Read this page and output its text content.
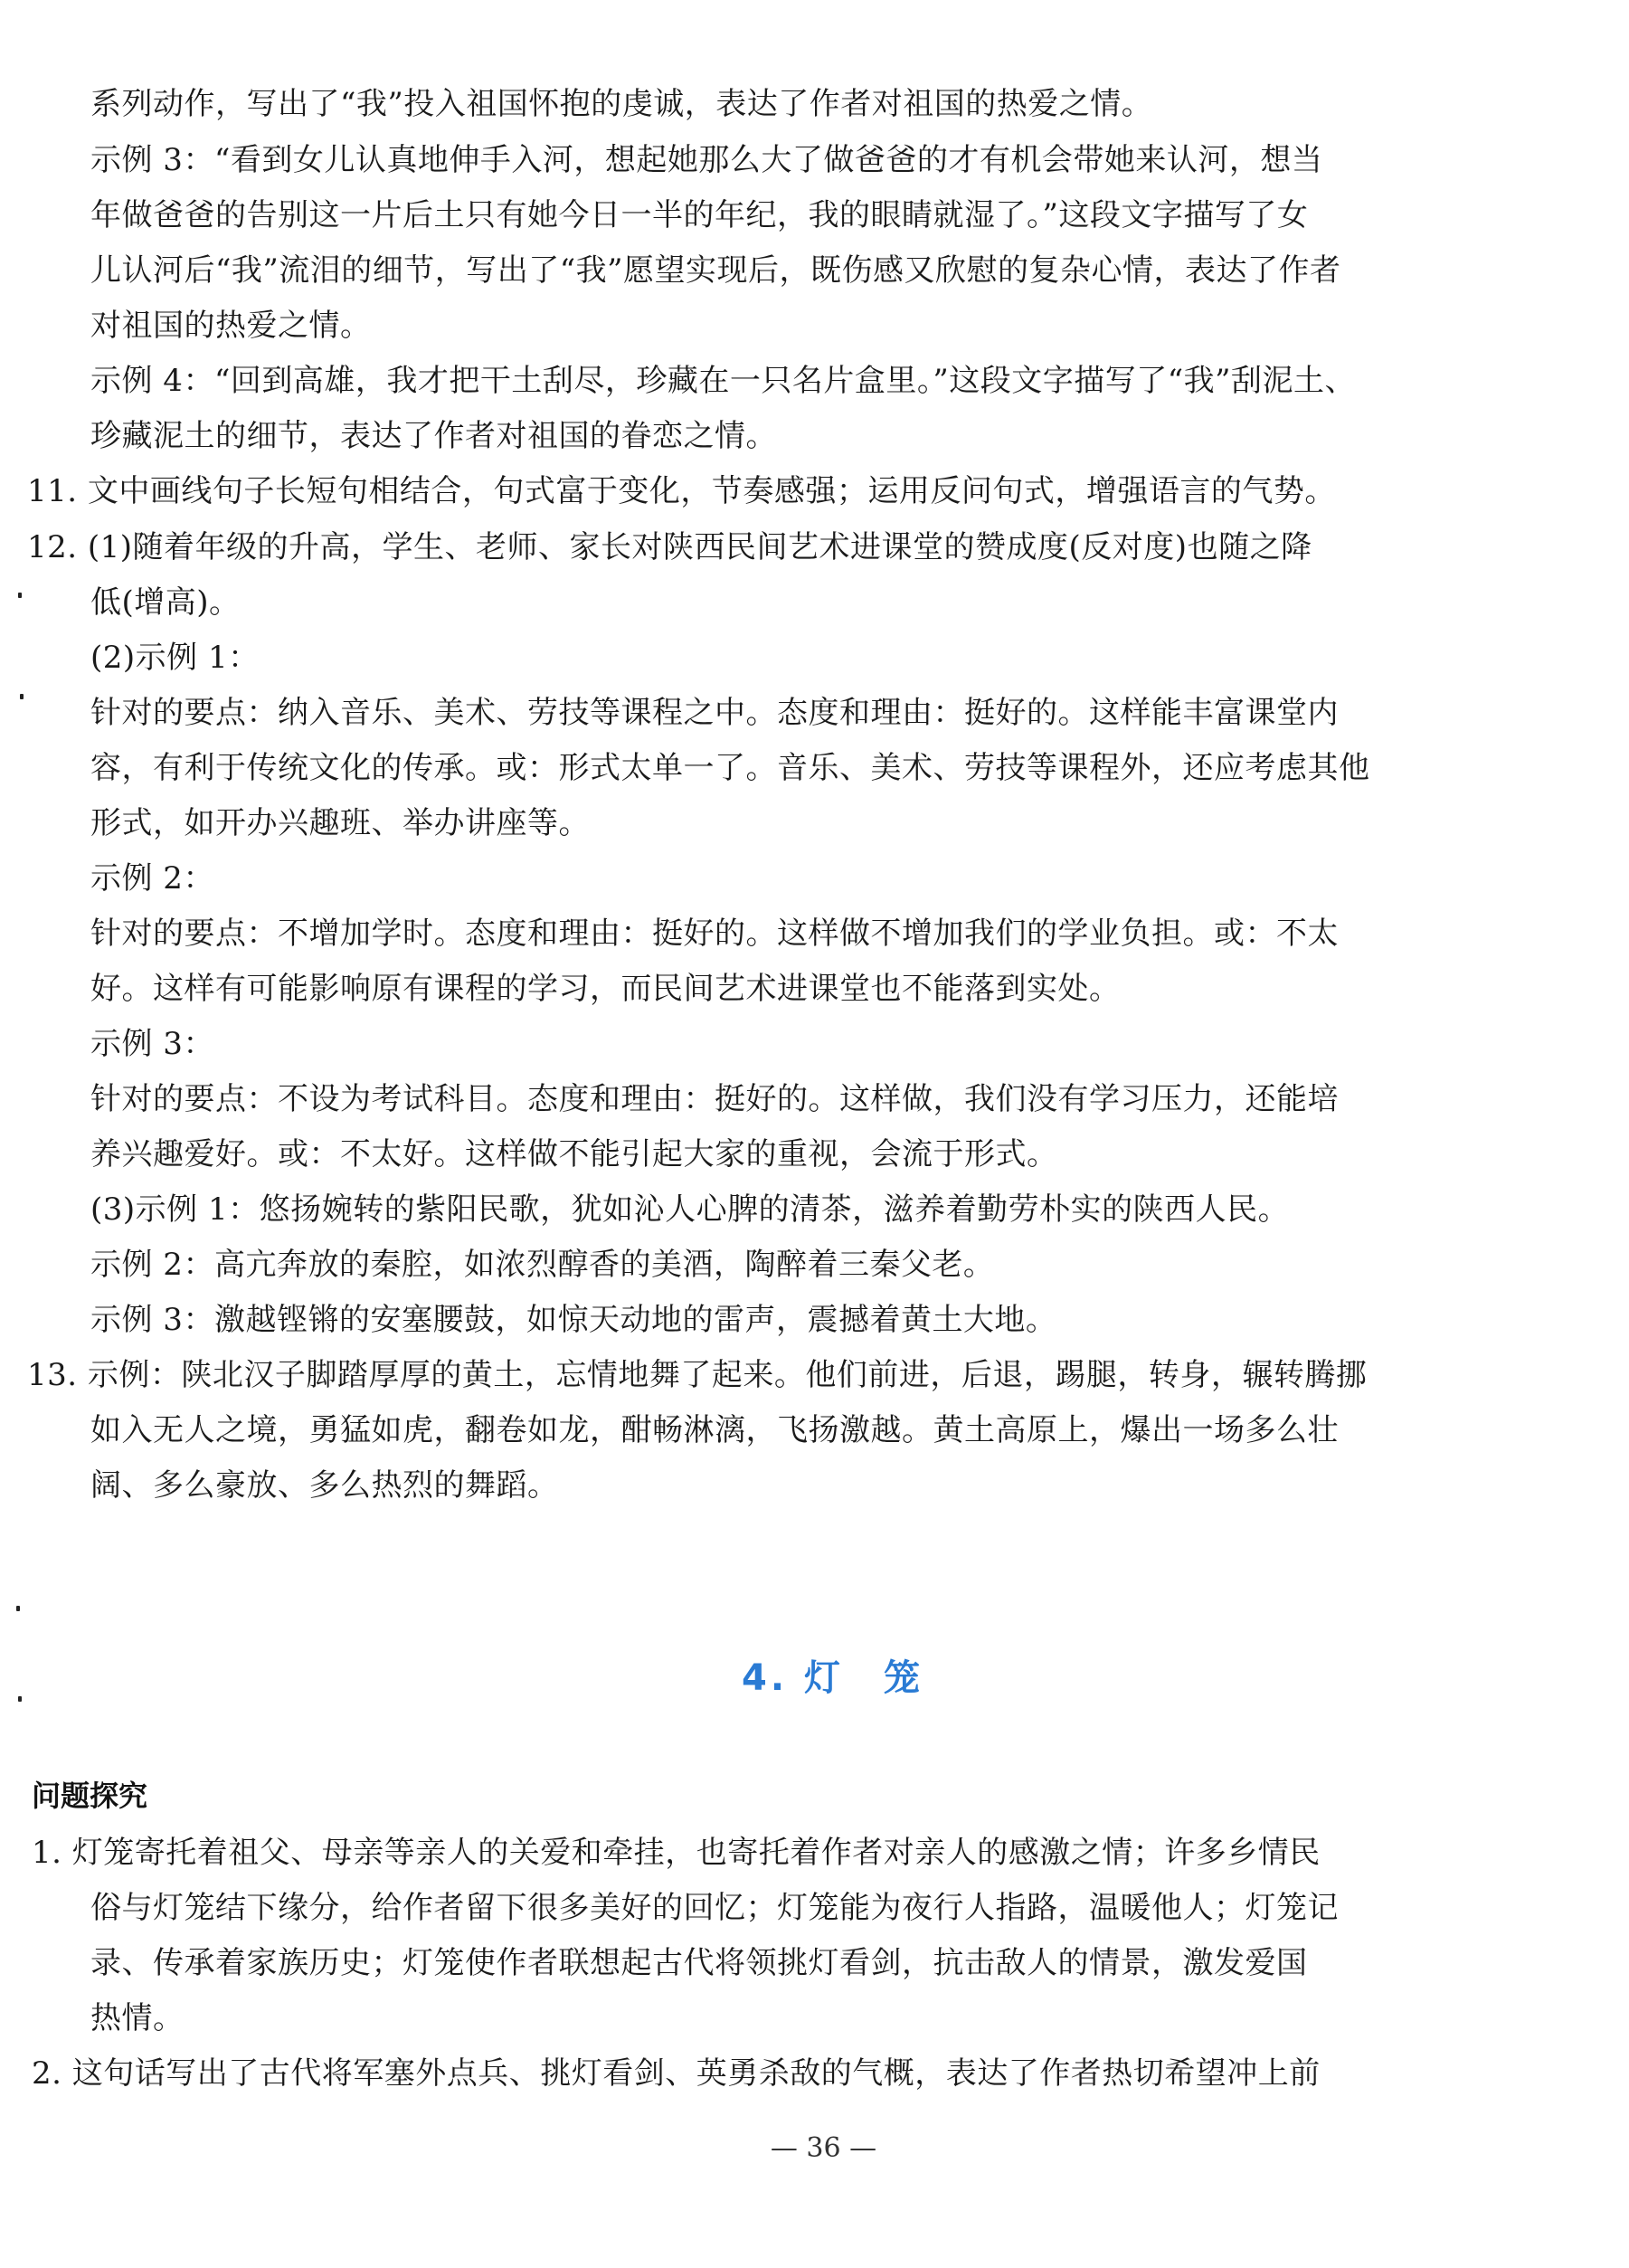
系列动作，写出了“我”投入祖国怀抱的虔诚，表达了作者对祖国的热爱之情。
示例 3：“看到女儿认真地伸手入河，想起她那么大了做爸爸的才有机会带她来认河，想当
年做爸爸的告别这一片后土只有她今日一半的年纪，我的眼睛就湿了。”这段文字描写了女
儿认河后“我”流泪的细节，写出了“我”愿望实现后，既伤感又欣慰的复杂心情，表达了作者
对祖国的热爱之情。
示例 4：“回到高雄，我才把干土刮尽，珍藏在一只名片盒里。”这段文字描写了“我”刮泥土、
珍藏泥土的细节，表达了作者对祖国的眷恋之情。
11. 文中画线句子长短句相结合，句式富于变化，节奏感强；运用反问句式，增强语言的气势。
12. (1)随着年级的升高，学生、老师、家长对陕西民间艺术进课堂的赞成度(反对度)也随之降
低(增高)。
(2)示例 1：
针对的要点：纳入音乐、美术、劳技等课程之中。态度和理由：挺好的。这样能丰富课堂内
容，有利于传统文化的传承。或：形式太单一了。音乐、美术、劳技等课程外，还应考虑其他
形式，如开办兴趣班、举办讲座等。
示例 2：
针对的要点：不增加学时。态度和理由：挺好的。这样做不增加我们的学业负担。或：不太
好。这样有可能影响原有课程的学习，而民间艺术进课堂也不能落到实处。
示例 3：
针对的要点：不设为考试科目。态度和理由：挺好的。这样做，我们没有学习压力，还能培
养兴趣爱好。或：不太好。这样做不能引起大家的重视，会流于形式。
(3)示例 1：悠扬婉转的紫阳民歌，犹如沁人心脾的清茶，滋养着勤劳朴实的陕西人民。
示例 2：高亢奔放的秦腔，如浓烈醇香的美酒，陶醉着三秦父老。
示例 3：激越铿锵的安塞腰鼓，如惊天动地的雷声，震撼着黄土大地。
13. 示例：陕北汉子脚踏厚厚的黄土，忘情地舞了起来。他们前进，后退，踢腿，转身，辗转腾挪
如入无人之境，勇猛如虎，翻卷如龙，酣畅淋漓，飞扬激越。黄土高原上，爆出一场多么壮
阔、多么豪放、多么热烈的舞蹈。
4. 灯　笼
问题探究
1. 灯笼寄托着祖父、母亲等亲人的关爱和牵挂，也寄托着作者对亲人的感激之情；许多乡情民
俗与灯笼结下缘分，给作者留下很多美好的回忆；灯笼能为夜行人指路，温暖他人；灯笼记
录、传承着家族历史；灯笼使作者联想起古代将领挑灯看剑，抗击敌人的情景，激发爱国
热情。
2. 这句话写出了古代将军塞外点兵、挑灯看剑、英勇杀敌的气概，表达了作者热切希望冲上前
— 36 —
